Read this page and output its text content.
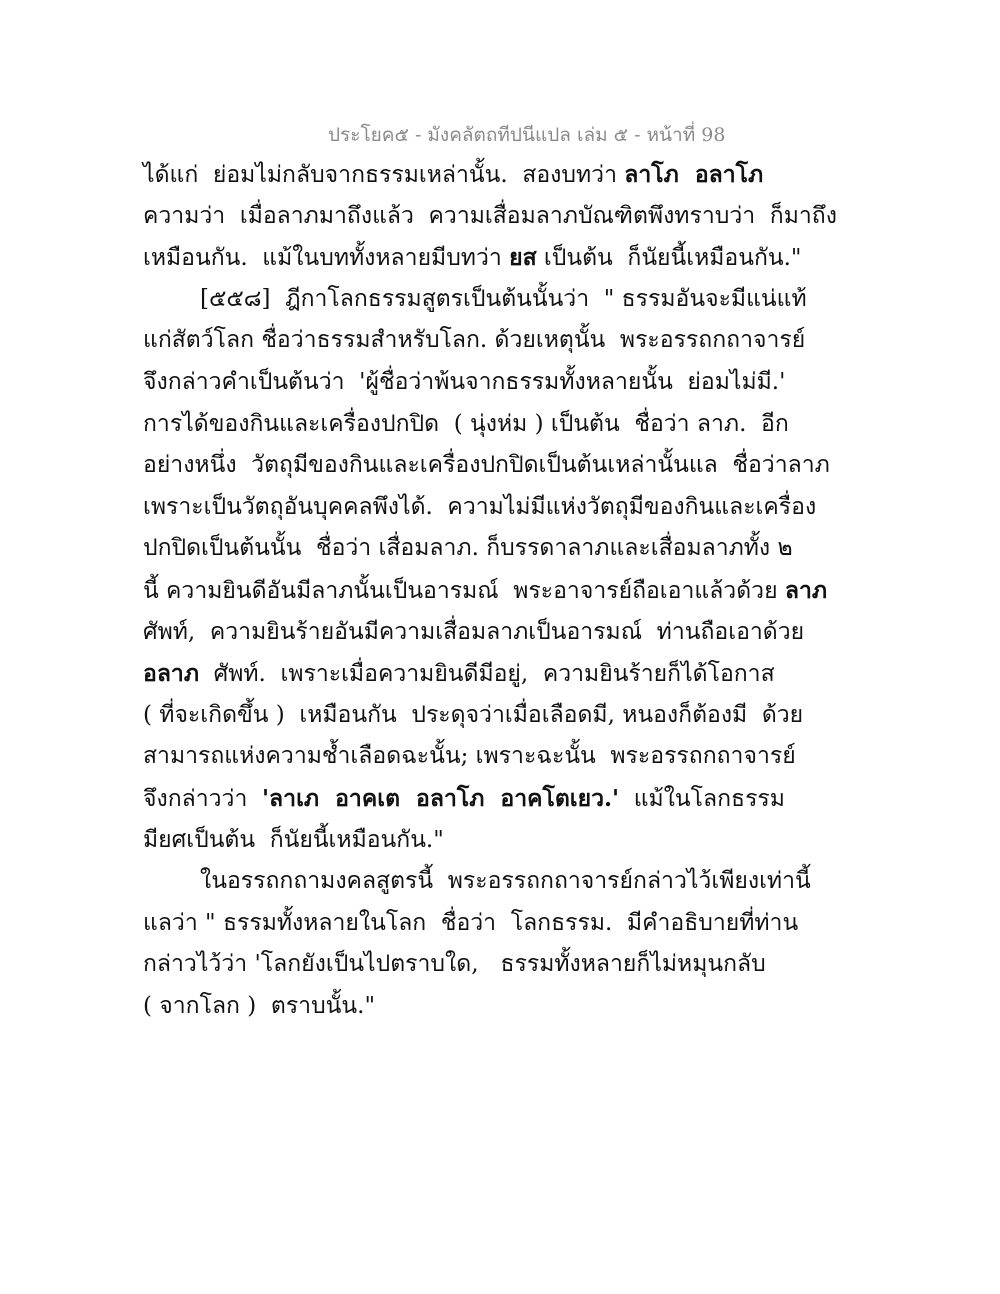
ประโยค๕ - มังคลัตถทีปนีแปล เล่ม ๕ - หน้าที่ 98
ได้แก่  ย่อมไม่กลับจากธรรมเหล่านั้น.  สองบทว่า ลาโภ  อลาโภ
ความว่า  เมื่อลาภมาถึงแล้ว  ความเสื่อมลาภบัณฑิตพึงทราบว่า  ก็มาถึง
เหมือนกัน.  แม้ในบททั้งหลายมีบทว่า ยส เป็นต้น  ก็นัยนี้เหมือนกัน."
[๕๕๘]  ฎีกาโลกธรรมสูตรเป็นต้นนั้นว่า  " ธรรมอันจะมีแน่แท้
แก่สัตว์โลก ชื่อว่าธรรมสำหรับโลก. ด้วยเหตุนั้น  พระอรรถกถาจารย์
จึงกล่าวคำเป็นต้นว่า  'ผู้ชื่อว่าพ้นจากธรรมทั้งหลายนั้น  ย่อมไม่มี.'
การได้ของกินและเครื่องปกปิด  ( นุ่งห่ม ) เป็นต้น  ชื่อว่า ลาภ.  อีก
อย่างหนึ่ง  วัตถุมีของกินและเครื่องปกปิดเป็นต้นเหล่านั้นแล  ชื่อว่าลาภ
เพราะเป็นวัตถุอันบุคคลพึงได้.  ความไม่มีแห่งวัตถุมีของกินและเครื่อง
ปกปิดเป็นต้นนั้น  ชื่อว่า เสื่อมลาภ. ก็บรรดาลาภและเสื่อมลาภทั้ง ๒
นี้ ความยินดีอันมีลาภนั้นเป็นอารมณ์  พระอาจารย์ถือเอาแล้วด้วย ลาภ
ศัพท์,  ความยินร้ายอันมีความเสื่อมลาภเป็นอารมณ์  ท่านถือเอาด้วย
อลาภ  ศัพท์.  เพราะเมื่อความยินดีมีอยู่,  ความยินร้ายก็ได้โอกาส
( ที่จะเกิดขึ้น )  เหมือนกัน  ประดุจว่าเมื่อเลือดมี, หนองก็ต้องมี  ด้วย
สามารถแห่งความช้ำเลือดฉะนั้น; เพราะฉะนั้น  พระอรรถกถาจารย์
จึงกล่าวว่า  'ลาเภ  อาคเต  อลาโภ  อาคโตเยว.'  แม้ในโลกธรรม
มียศเป็นต้น  ก็นัยนี้เหมือนกัน."
ในอรรถกถามงคลสูตรนี้  พระอรรถกถาจารย์กล่าวไว้เพียงเท่านี้
แลว่า " ธรรมทั้งหลายในโลก  ชื่อว่า  โลกธรรม.  มีคำอธิบายที่ท่าน
กล่าวไว้ว่า 'โลกยังเป็นไปตราบใด,   ธรรมทั้งหลายก็ไม่หมุนกลับ
( จากโลก )  ตราบนั้น."
